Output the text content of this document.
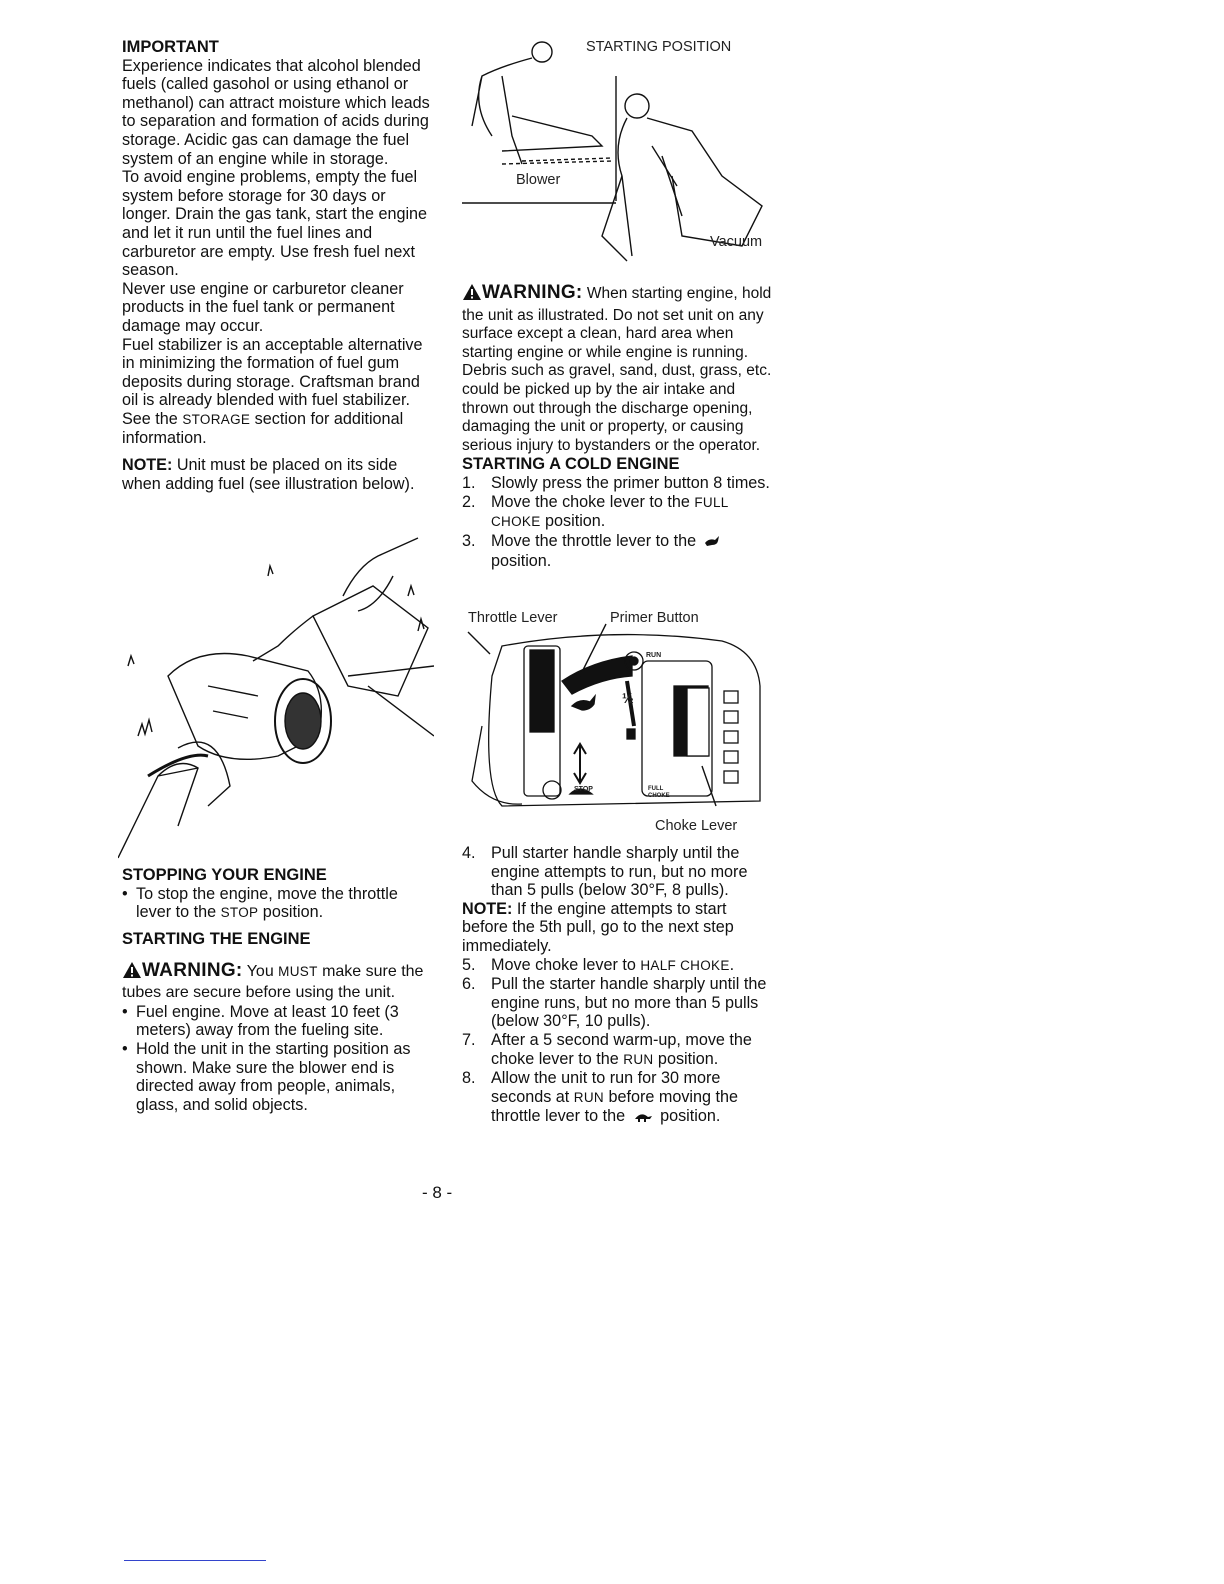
IMPORTANT

Experience indicates that alcohol blended fuels (called gasohol or using ethanol or methanol) can attract moisture which leads to separation and formation of acids during storage. Acidic gas can damage the fuel system of an engine while in storage.

To avoid engine problems, empty the fuel system before storage for 30 days or longer. Drain the gas tank, start the engine and let it run until the fuel lines and carburetor are empty. Use fresh fuel next season.

Never use engine or carburetor cleaner products in the fuel tank or permanent damage may occur.

Fuel stabilizer is an acceptable alternative in minimizing the formation of fuel gum deposits during storage. Craftsman brand oil is already blended with fuel stabilizer. See the STORAGE section for additional information.

NOTE: Unit must be placed on its side when adding fuel (see illustration below).

STOPPING YOUR ENGINE

• To stop the engine, move the throttle lever to the STOP position.

STARTING THE ENGINE

WARNING: You MUST make sure the tubes are secure before using the unit.

• Fuel engine. Move at least 10 feet (3 meters) away from the fueling site.

• Hold the unit in the starting position as shown. Make sure the blower end is directed away from people, animals, glass, and solid objects.

STARTING POSITION
Blower
Vacuum

WARNING: When starting engine, hold the unit as illustrated. Do not set unit on any surface except a clean, hard area when starting engine or while engine is running. Debris such as gravel, sand, dust, grass, etc. could be picked up by the air intake and thrown out through the discharge opening, damaging the unit or property, or causing serious injury to bystanders or the operator.

STARTING A COLD ENGINE

1. Slowly press the primer button 8 times.

2. Move the choke lever to the FULL CHOKE position.

3. Move the throttle lever to the  position.

Throttle Lever	Primer Button
RUN
½
STOP	FULL CHOKE
Choke Lever

4. Pull starter handle sharply until the engine attempts to run, but no more than 5 pulls (below 30°F, 8 pulls).

NOTE: If the engine attempts to start before the 5th pull, go to the next step immediately.

5. Move choke lever to HALF CHOKE.

6. Pull the starter handle sharply until the engine runs, but no more than 5 pulls (below 30°F, 10 pulls).

7. After a 5 second warm-up, move the choke lever to the RUN position.

8. Allow the unit to run for 30 more seconds at RUN before moving the throttle lever to the  position.

- 8 -
